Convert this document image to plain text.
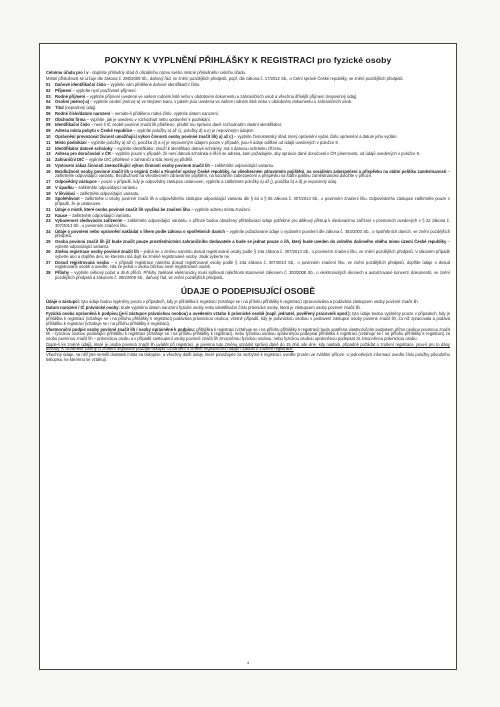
POKYNY K VYPLNĚNÍ PŘIHLÁŠKY K REGISTRACI pro fyzické osoby

Celnímu úřadu pro / v - doplníte příslušný úřad či oficiálního názvu svého místně příslušného celního úřadu.

Místní příslušnost se určuje dle zákona č. 280/2009 Sb., daňový řád, ve znění pozdějších předpisů, popř. dle zákona č. 17/2012 Sb., o Celní správě České republiky, ve znění pozdějších předpisů.

01	Daňové identifikační číslo – vyplníte vám přidělené daňové identifikační číslo.
02	Příjmení – vyplníte nyní používané příjmení.
03	Rodné příjmení – vyplníte příjmení uvedené ve vašem rodném listě nebo v obdobném dokumentu u zahraničních osob a všechna dřívější příjmení (nepovinný údaj).
04	Osobní jméno(-a) – vyplníte osobní jméno(-a) ve stejném tvaru, v jakém jsou uvedena ve vašem rodném listě nebo v obdobném dokumentu u zahraničních osob.
05	Titul (nepovinný údaj).
06	Rodné číslo/datum narození – nemáte-li přiděleno rodné číslo, vyplníte datum narození.
07	Obchodní firma – vyplníte, jak je uvedeno v rozhodnutí nebo oprávnění k podnikání.
08	Identifikační číslo – není-li IČ osobě povinné značit lih přiděleno, předtiť mu správce daně rozhodnutím vlastní identifikátor.
09	Adresa místa pobytu v České republice – vyplníte položky a) až c), položky d) a e) je nepovinným údajem.
10	Oprávnění provozovat živnost umožňující výkon činnosti osoby povinné značit lih) a) až c) – vyplníte živnostenský úřad, který oprávnění vydal, číslo oprávnění a datum jeho vydání.
11	Místo podnikání – vyplníte položky a) až c), položka d) a e) je nepovinným údajem pouze v případě, jsou-li údaje odlišné od údajů uvedených v položce 9.
12	Identifikátor datové schránky – vyplníte identifikátor, slouží k identifikaci datové schránky, má 4 datovou schránku zřízenu.
13	Adresa pro doručování v ČR – vyplníte pouze v případě, že není datová schránka a liší-li se adresa, kam požadujete, aby správce daně doručoval v ČR písemnosti, od údajů uvedených v položce 9.
14	Zahraniční DIČ – vyplníte DIČ přidělené v zahraničí a stát, který jej přidělil.
15	Vyslovení zákaz činnosti znemožňující výkon činnosti osoby povinné značit lih – zaškrtněte odpovídající variantu.
16	Bezdlužnost osoby povinné značit lih u orgánů Celní a Finanční správy České republiky, na všeobecném zdravotním pojištění, na sociálním zabezpečení a příspěvku na státní politiku zaměstnanosti – zaškrtněte odpovídající variantu. Bezdlužnost na všeobecném zdravotním pojištění, na sociálním zabezpečení a příspěvku na státní politiku zaměstnanosti doložíte v příloze.
17	Odpovědný zástupce – pouze v případě, kdy je odpovědný zástupce ustanoven, vyplníte a zaškrtnete položky a) až j), položka b) a d) je nepovinný údaj.
18	V úpadku – zaškrtněte odpovídající variantu.
19	V likvidaci – zaškrtněte odpovídající variantu.
20	Spolehlivost – zaškrtněte u osoby povinné značit lih a odpovědného zástupce odpovídající variantu dle § 54 a § 55 zákona č. 307/2013 Sb., o povinném značení lihu. Odpovědného zástupce zaškrtněte pouze v případě, že je ustanoven.
21	Údaje o místě, které osoba povinné značit lih využívá ke značení lihu – vyplníte adresu místa značení.
22	Kauce – zaškrtněte odpovídající variantu.
23	Vybavenost sledovacím zařízením – zaškrtněte odpovídající variantu, v příloze budou obsaženy přihlašovací údaje potřebné pro dálkový přístup k sledovacímu zařízení v prostorech uvedených v § 22 zákona č. 307/2013 Sb., o povinném značení lihu.
24	Údaje o povolení nebo oprávnění nakládat s lihem podle zákona o spotřebních daních – vyplníte požadované údaje o vydaném povolení dle zákona č. 353/2003 Sb., o spotřebních daních, ve znění pozdějších předpisů.
25	Osoba povinná značit lih již bude značit pouze prostřednictvím zahraničního dodavatele a bude se jednat pouze o lih, který bude uveden do volného daňového oběhu mimo území České republiky – vyberte odpovídající variantu.
26	Změna registrace osoby povinné značit lih – jedná se o změnu namísto dosud registrované osoby podle § 24a zákona č. 307/2013 Sb., o povinném značení lihu, ve znění pozdějších předpisů. V takovém případě vyberte ano a doplňte den, ke kterému má dojít ke změně registrované osoby. Jinak vyberte ne.
27	Dosud registrovaná osoba – v případě registrace namísto dosud registrované osoby podle § 24a zákona č. 307/2013 Sb., o povinném značení lihu, ve znění pozdějších předpisů, doplňte údaje o dosud registrované osobě a uveďte, zda se jedná o osobu blízkou nově registrované osobě.
28	Přílohy – vyplníte celkový počet a druh příloh. Přílohy zasílané elektronicky musí splňovat náležitosti stanovené zákonem č. 300/2008 Sb., o elektronických úkonech a autorizované konverzi dokumentů, ve znění pozdějších předpisů a zákonem č. 280/2009 Sb., daňový řád, ve znění pozdějších předpisů.
ÚDAJE O PODEPISUJÍCÍ OSOBĚ

Údaje o zástupci: tyto údaje budou vyplněny pouze v případech, kdy je přihláška k registraci (vztahuje se i na přílohu přihlášky k registraci) zpracovávána a podávána zástupcem osoby povinné značit lih.

Datum narození / IČ právnické osoby: bude vyplněno datum narození fyzické osoby nebo identifikační číslo právnické osoby, která je zástupcem osoby povinné značit lih.

Fyzická osoba oprávněná k podpisu (je-li zástupce právnickou osobou) a uvedením vztahu k právnické osobě (např. jednatel, pověřený pracovník apod.): tyto údaje budou vyplněny pouze v případech, kdy je přihláška k registraci (vztahuje se i na přílohu přihlášky k registraci) podávána právnickou osobou, včetně případů, kdy je právnickou osobou v postavení zástupce osoby povinné značit lih, za níž zpracovala a podává přihlášku k registraci (vztahuje se i na přílohu přihlášky k registraci).

Vlastnoruční podpis osoby povinné značit lih / osoby oprávněné k podpisu: přihláška k registraci (vztahuje se i na přílohu přihlášky k registraci) bude opatřena vlastnoručním podpisem přímo osobou povinnou značit lih – fyzickou osobou podávající přihlášku k registraci (vztahuje se i na přílohu přihlášky k registraci), nebo fyzickou osobou oprávněnou podepsat přihlášku k registraci (vztahuje se i na přílohu přihlášky k registraci) za osobu povinnou značit lih – právnickou osobu a v případě zastoupení osoby povinné značit lih zmocněnou fyzickou osobou, nebo fyzickou osobou oprávněnou podepsat za zmocněnou právnickou osobu.

Dojde-li ke změně údajů, které je osoba povinná značit lih uvádět při registraci, je povinna tuto změnu oznámit správci daně do 15 dnů ode dne, kdy nastala, případně požádat o zrušení registrace, jsou-li pro to dány důvody. K oznámení změny či zrušení registrace použijte tiskopis Oznámení o změně registračních údajů / Žádost o zrušení registrace.

Všechny údaje, na něž jste neměli dostatek místa na tiskopise, a všechny další údaje, které považujete za nezbytné k registraci, uveďte prosím ve zvláštní příloze. U jednotlivých informací uveďte číslo položky původního tiskopisu, ke kterému se vztahují.

4
